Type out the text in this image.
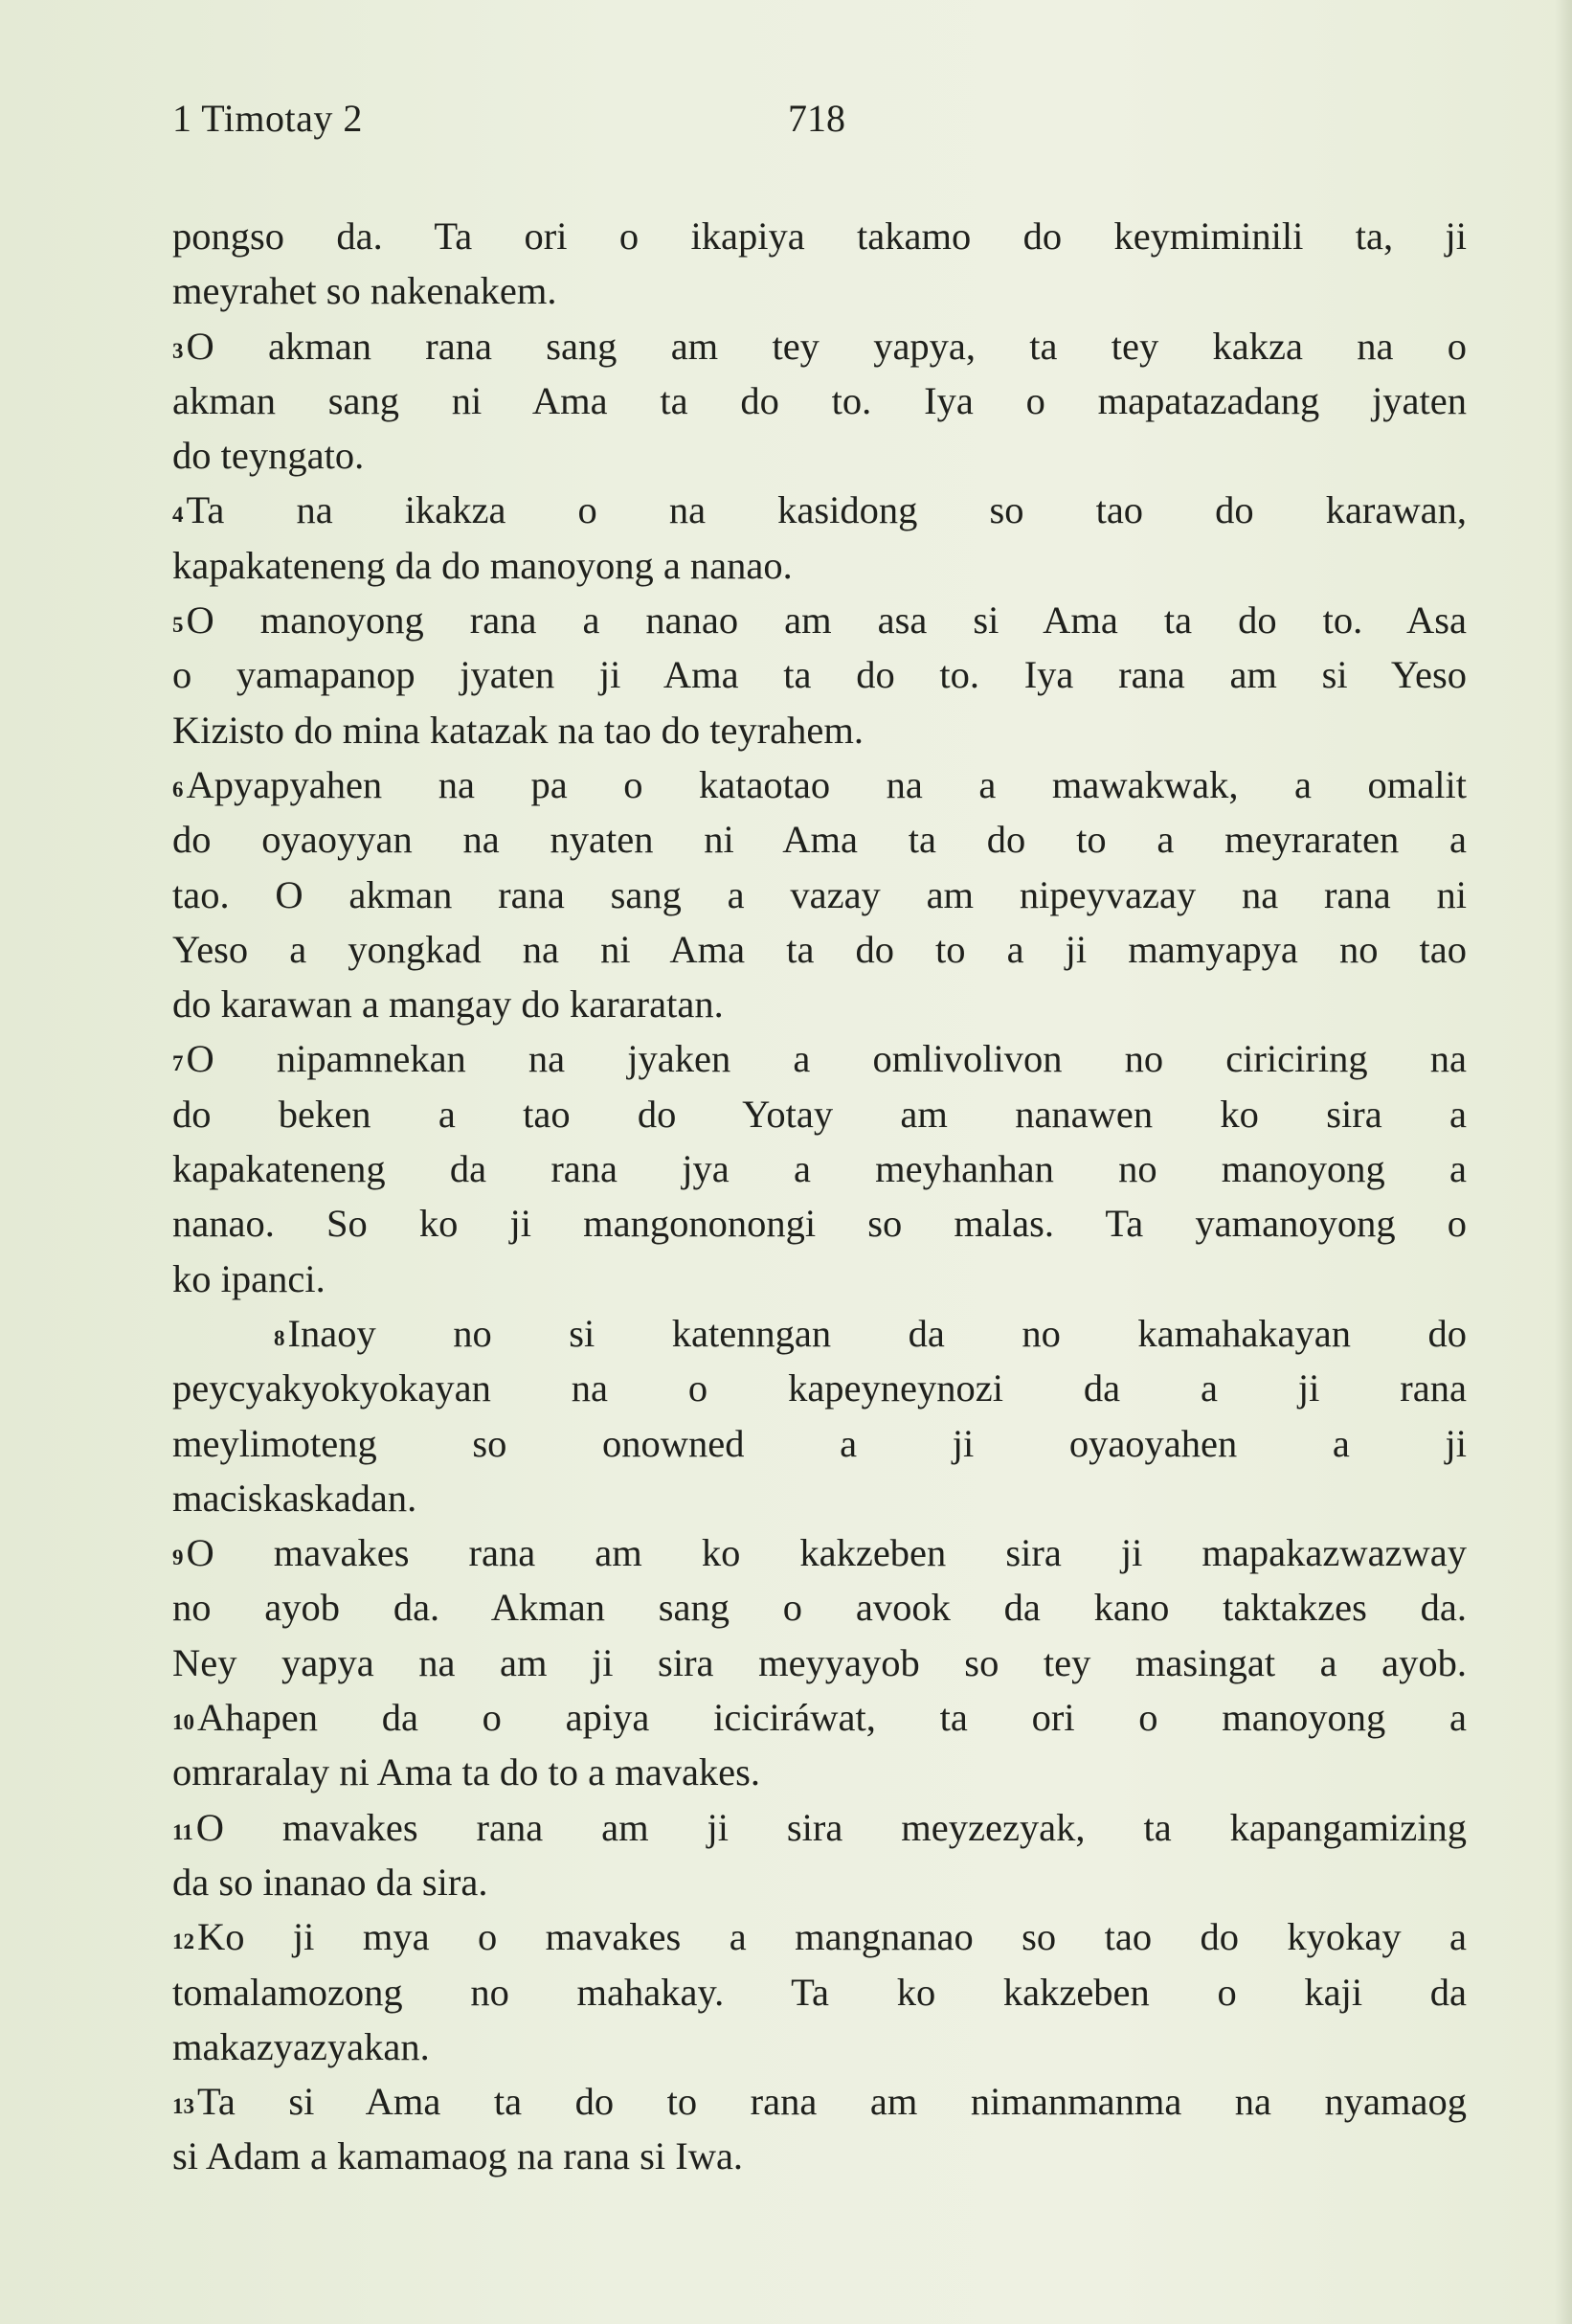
1 Timotay 2	718
pongso da. Ta ori o ikapiya takamo do keymiminili ta, ji
meyrahet so nakenakem.
3O akman rana sang am tey yapya, ta tey kakza na o
akman sang ni Ama ta do to. Iya o mapatazadang jyaten
do teyngato.
4Ta na ikakza o na kasidong so tao do karawan,
kapakateneng da do manoyong a nanao.
5O manoyong rana a nanao am asa si Ama ta do to. Asa
o yamapanop jyaten ji Ama ta do to. Iya rana am si Yeso
Kizisto do mina katazak na tao do teyrahem.
6Apyapyahen na pa o kataotao na a mawakwak, a omalit
do oyaoyyan na nyaten ni Ama ta do to a meyraraten a
tao. O akman rana sang a vazay am nipeyvazay na rana ni
Yeso a yongkad na ni Ama ta do to a ji mamyapya no tao
do karawan a mangay do kararatan.
7O nipamnekan na jyaken a omlivolivon no ciriciring na
do beken a tao do Yotay am nanawen ko sira a
kapakateneng da rana jya a meyhanhan no manoyong a
nanao. So ko ji mangononongi so malas. Ta yamanoyong o
ko ipanci.
8Inaoy no si katenngan da no kamahakayan do
peycyakyokyokayan na o kapeyneynozi da a ji rana
meylimoteng so onowned a ji oyaoyahen a ji
maciskaskadan.
9O mavakes rana am ko kakzeben sira ji mapakazwazway
no ayob da. Akman sang o avook da kano taktakzes da.
Ney yapya na am ji sira meyyayob so tey masingat a ayob.
10Ahapen da o apiya iciciráwat, ta ori o manoyong a
omraralay ni Ama ta do to a mavakes.
11O mavakes rana am ji sira meyzezyak, ta kapangamizing
da so inanao da sira.
12Ko ji mya o mavakes a mangnanao so tao do kyokay a
tomalamozong no mahakay. Ta ko kakzeben o kaji da
makazyazyakan.
13Ta si Ama ta do to rana am nimanmanma na nyamaog
si Adam a kamamaog na rana si Iwa.
